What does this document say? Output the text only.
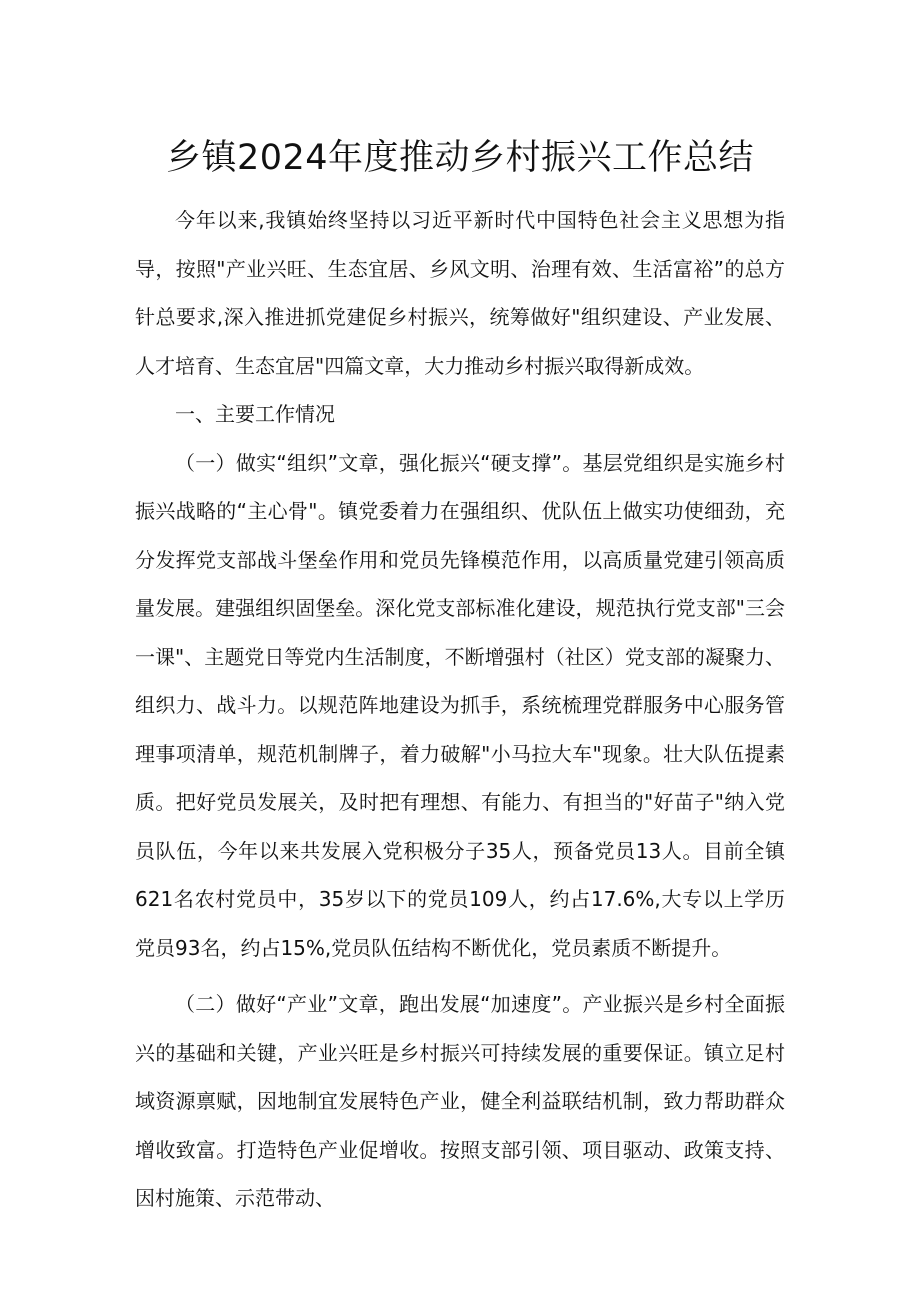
乡镇2024年度推动乡村振兴工作总结

今年以来,我镇始终坚持以习近平新时代中国特色社会主义思想为指导，按照"产业兴旺、生态宜居、乡风文明、治理有效、生活富裕”的总方针总要求,深入推进抓党建促乡村振兴，统筹做好"组织建设、产业发展、人才培育、生态宜居"四篇文章，大力推动乡村振兴取得新成效。

一、主要工作情况

（一）做实“组织”文章，强化振兴“硬支撑”。基层党组织是实施乡村振兴战略的“主心骨"。镇党委着力在强组织、优队伍上做实功使细劲，充分发挥党支部战斗堡垒作用和党员先锋模范作用，以高质量党建引领高质量发展。建强组织固堡垒。深化党支部标准化建设，规范执行党支部"三会一课"、主题党日等党内生活制度，不断增强村（社区）党支部的凝聚力、组织力、战斗力。以规范阵地建设为抓手，系统梳理党群服务中心服务管理事项清单，规范机制牌子，着力破解"小马拉大车"现象。壮大队伍提素质。把好党员发展关，及时把有理想、有能力、有担当的"好苗子"纳入党员队伍，今年以来共发展入党积极分子35人，预备党员13人。目前全镇621名农村党员中，35岁以下的党员109人，约占17.6%,大专以上学历党员93名，约占15%,党员队伍结构不断优化，党员素质不断提升。

（二）做好“产业”文章，跑出发展“加速度”。产业振兴是乡村全面振兴的基础和关键，产业兴旺是乡村振兴可持续发展的重要保证。镇立足村域资源禀赋，因地制宜发展特色产业，健全利益联结机制，致力帮助群众增收致富。打造特色产业促增收。按照支部引领、项目驱动、政策支持、因村施策、示范带动、
